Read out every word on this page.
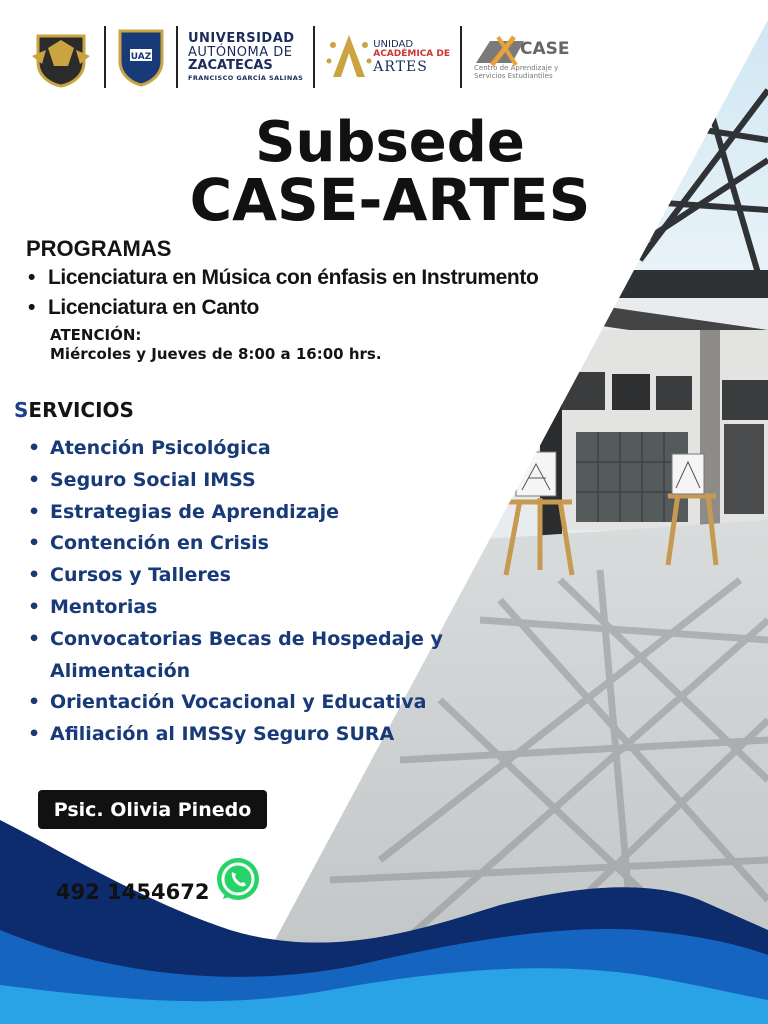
UAZ
UNIVERSIDAD
AUTÓNOMA DE
ZACATECAS
FRANCISCO GARCÍA SALINAS
UNIDAD
ACADÉMICA DE
ARTES
CASE
Centro de Aprendizaje y
Servicios Estudiantiles
Subsede
CASE-ARTES
PROGRAMAS
• Licenciatura en Música con énfasis en Instrumento
• Licenciatura en Canto
ATENCIÓN:
Miércoles y Jueves de 8:00 a 16:00 hrs.
SERVICIOS
• Atención Psicológica
• Seguro Social IMSS
• Estrategias de Aprendizaje
• Contención en Crisis
• Cursos y Talleres
• Mentorias
• Convocatorias Becas de Hospedaje y
Alimentación
• Orientación Vocacional y Educativa
• Afiliación al IMSSy Seguro SURA
Psic. Olivia Pinedo
492 1454672
